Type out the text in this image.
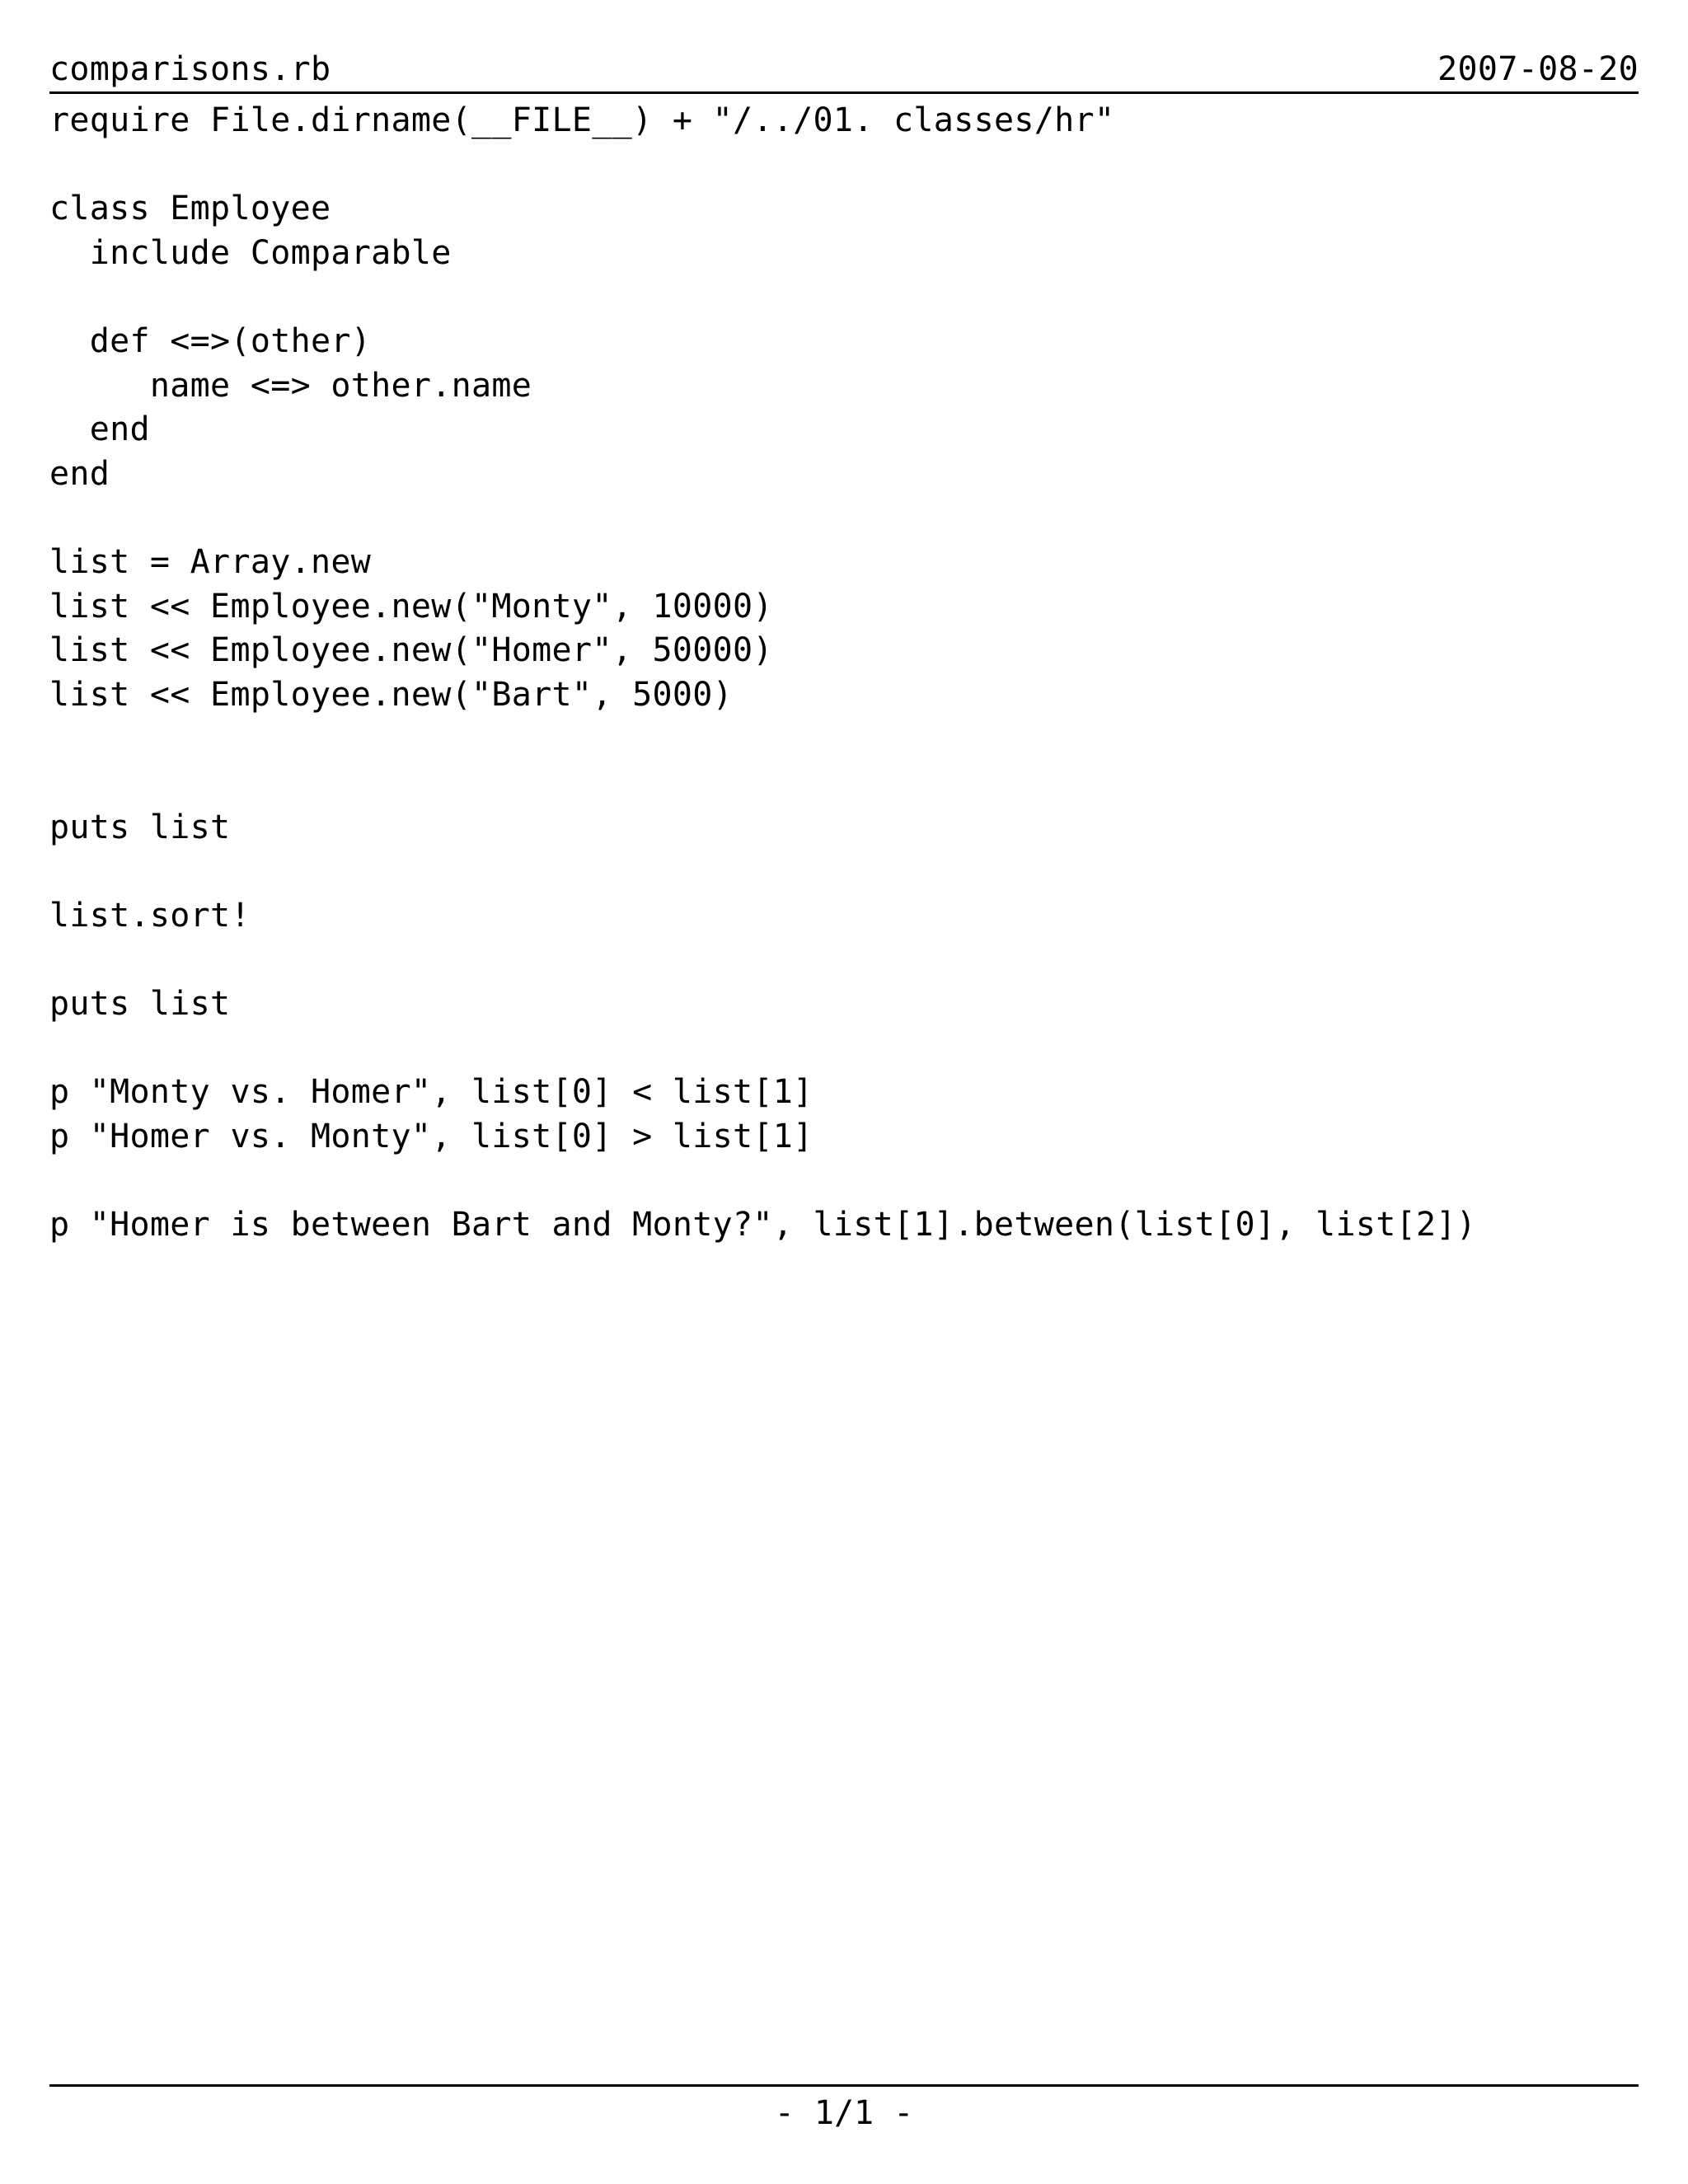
comparisons.rb	2007-08-20
require File.dirname(__FILE__) + "/../01. classes/hr"
class Employee
include Comparable
def <=>(other)
name <=> other.name
end
end
list = Array.new
list << Employee.new("Monty", 10000)
list << Employee.new("Homer", 50000)
list << Employee.new("Bart", 5000)
puts list
list.sort!
puts list
p "Monty vs. Homer", list[0] < list[1]
p "Homer vs. Monty", list[0] > list[1]
p "Homer is between Bart and Monty?", list[1].between(list[0], list[2])
- 1/1 -
